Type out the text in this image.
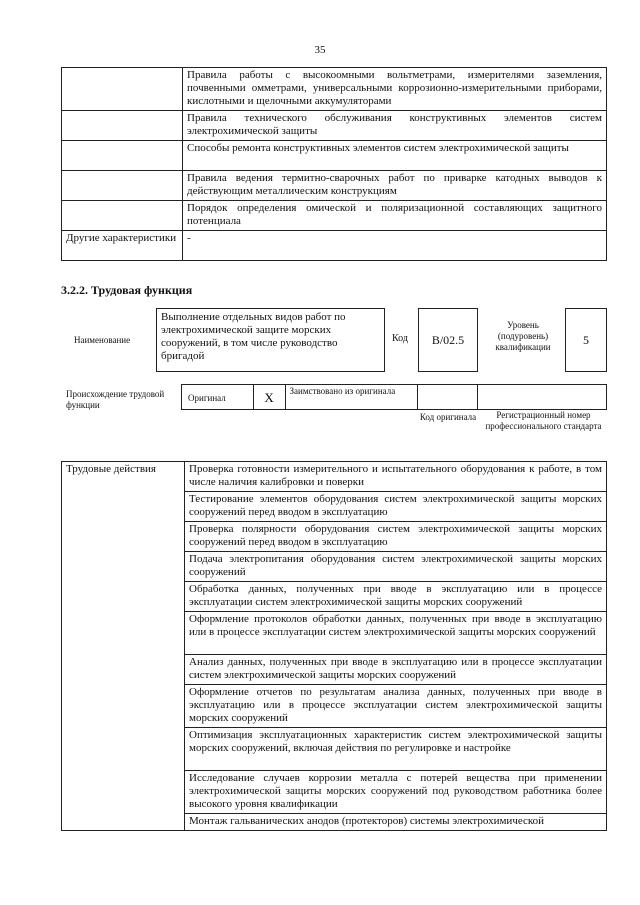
35
	Правила работы с высокоомными вольтметрами, измерителями заземления, почвенными омметрами, универсальными коррозионно-измерительными приборами, кислотными и щелочными аккумуляторами
	Правила технического обслуживания конструктивных элементов систем электрохимической защиты
	Способы ремонта конструктивных элементов систем электрохимической защиты
	Правила ведения термитно-сварочных работ по приварке катодных выводов к действующим металлическим конструкциям
	Порядок определения омической и поляризационной составляющих защитного потенциала
Другие характеристики	-
3.2.2. Трудовая функция
Наименование
Выполнение отдельных видов работ по электрохимической защите морских сооружений, в том числе руководство бригадой
Код	В/02.5
Уровень (подуровень) квалификации
5
Происхождение трудовой функции
Оригинал	X	Заимствовано из оригинала
Код оригинала	Регистрационный номер профессионального стандарта
Трудовые действия	Проверка готовности измерительного и испытательного оборудования к работе, в том числе наличия калибровки и поверки
Тестирование элементов оборудования систем электрохимической защиты морских сооружений перед вводом в эксплуатацию
Проверка полярности оборудования систем электрохимической защиты морских сооружений перед вводом в эксплуатацию
Подача электропитания оборудования систем электрохимической защиты морских сооружений
Обработка данных, полученных при вводе в эксплуатацию или в процессе эксплуатации систем электрохимической защиты морских сооружений
Оформление протоколов обработки данных, полученных при вводе в эксплуатацию или в процессе эксплуатации систем электрохимической защиты морских сооружений
Анализ данных, полученных при вводе в эксплуатацию или в процессе эксплуатации систем электрохимической защиты морских сооружений
Оформление отчетов по результатам анализа данных, полученных при вводе в эксплуатацию или в процессе эксплуатации систем электрохимической защиты морских сооружений
Оптимизация эксплуатационных характеристик систем электрохимической защиты морских сооружений, включая действия по регулировке и настройке
Исследование случаев коррозии металла с потерей вещества при применении электрохимической защиты морских сооружений под руководством работника более высокого уровня квалификации
Монтаж гальванических анодов (протекторов) системы электрохимической
